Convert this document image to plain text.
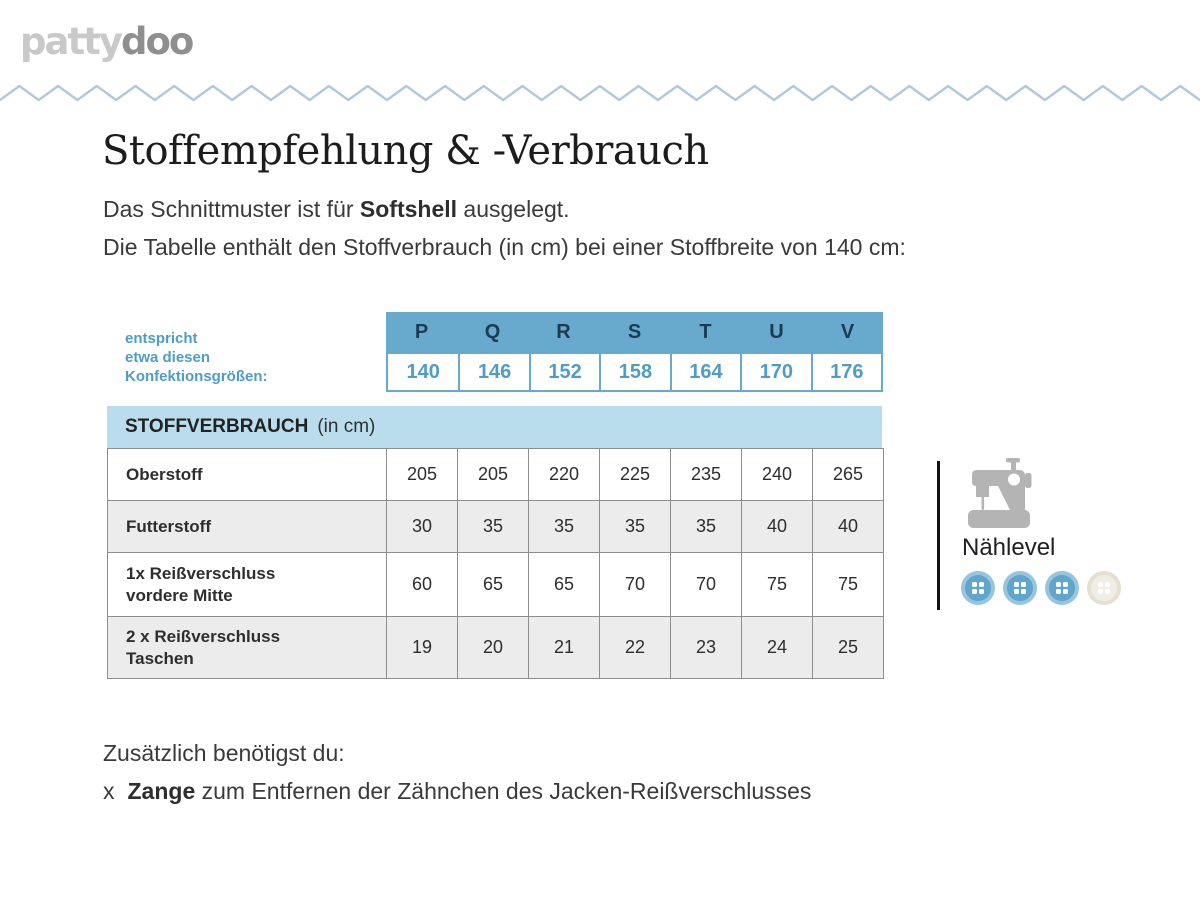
pattydoo
Stoffempfehlung & -Verbrauch
Das Schnittmuster ist für Softshell ausgelegt.
Die Tabelle enthält den Stoffverbrauch (in cm) bei einer Stoffbreite von 140 cm:
entspricht
etwa diesen
Konfektionsgrößen:
P	Q	R	S	T	U	V
140	146	152	158	164	170	176
STOFFVERBRAUCH (in cm)
Oberstoff	205	205	220	225	235	240	265
Futterstoff	30	35	35	35	35	40	40
1x Reißverschluss
vordere Mitte
60	65	65	70	70	75	75
2 x Reißverschluss
Taschen
19	20	21	22	23	24	25
Nählevel
Zusätzlich benötigst du:
x Zange zum Entfernen der Zähnchen des Jacken-Reißverschlusses
